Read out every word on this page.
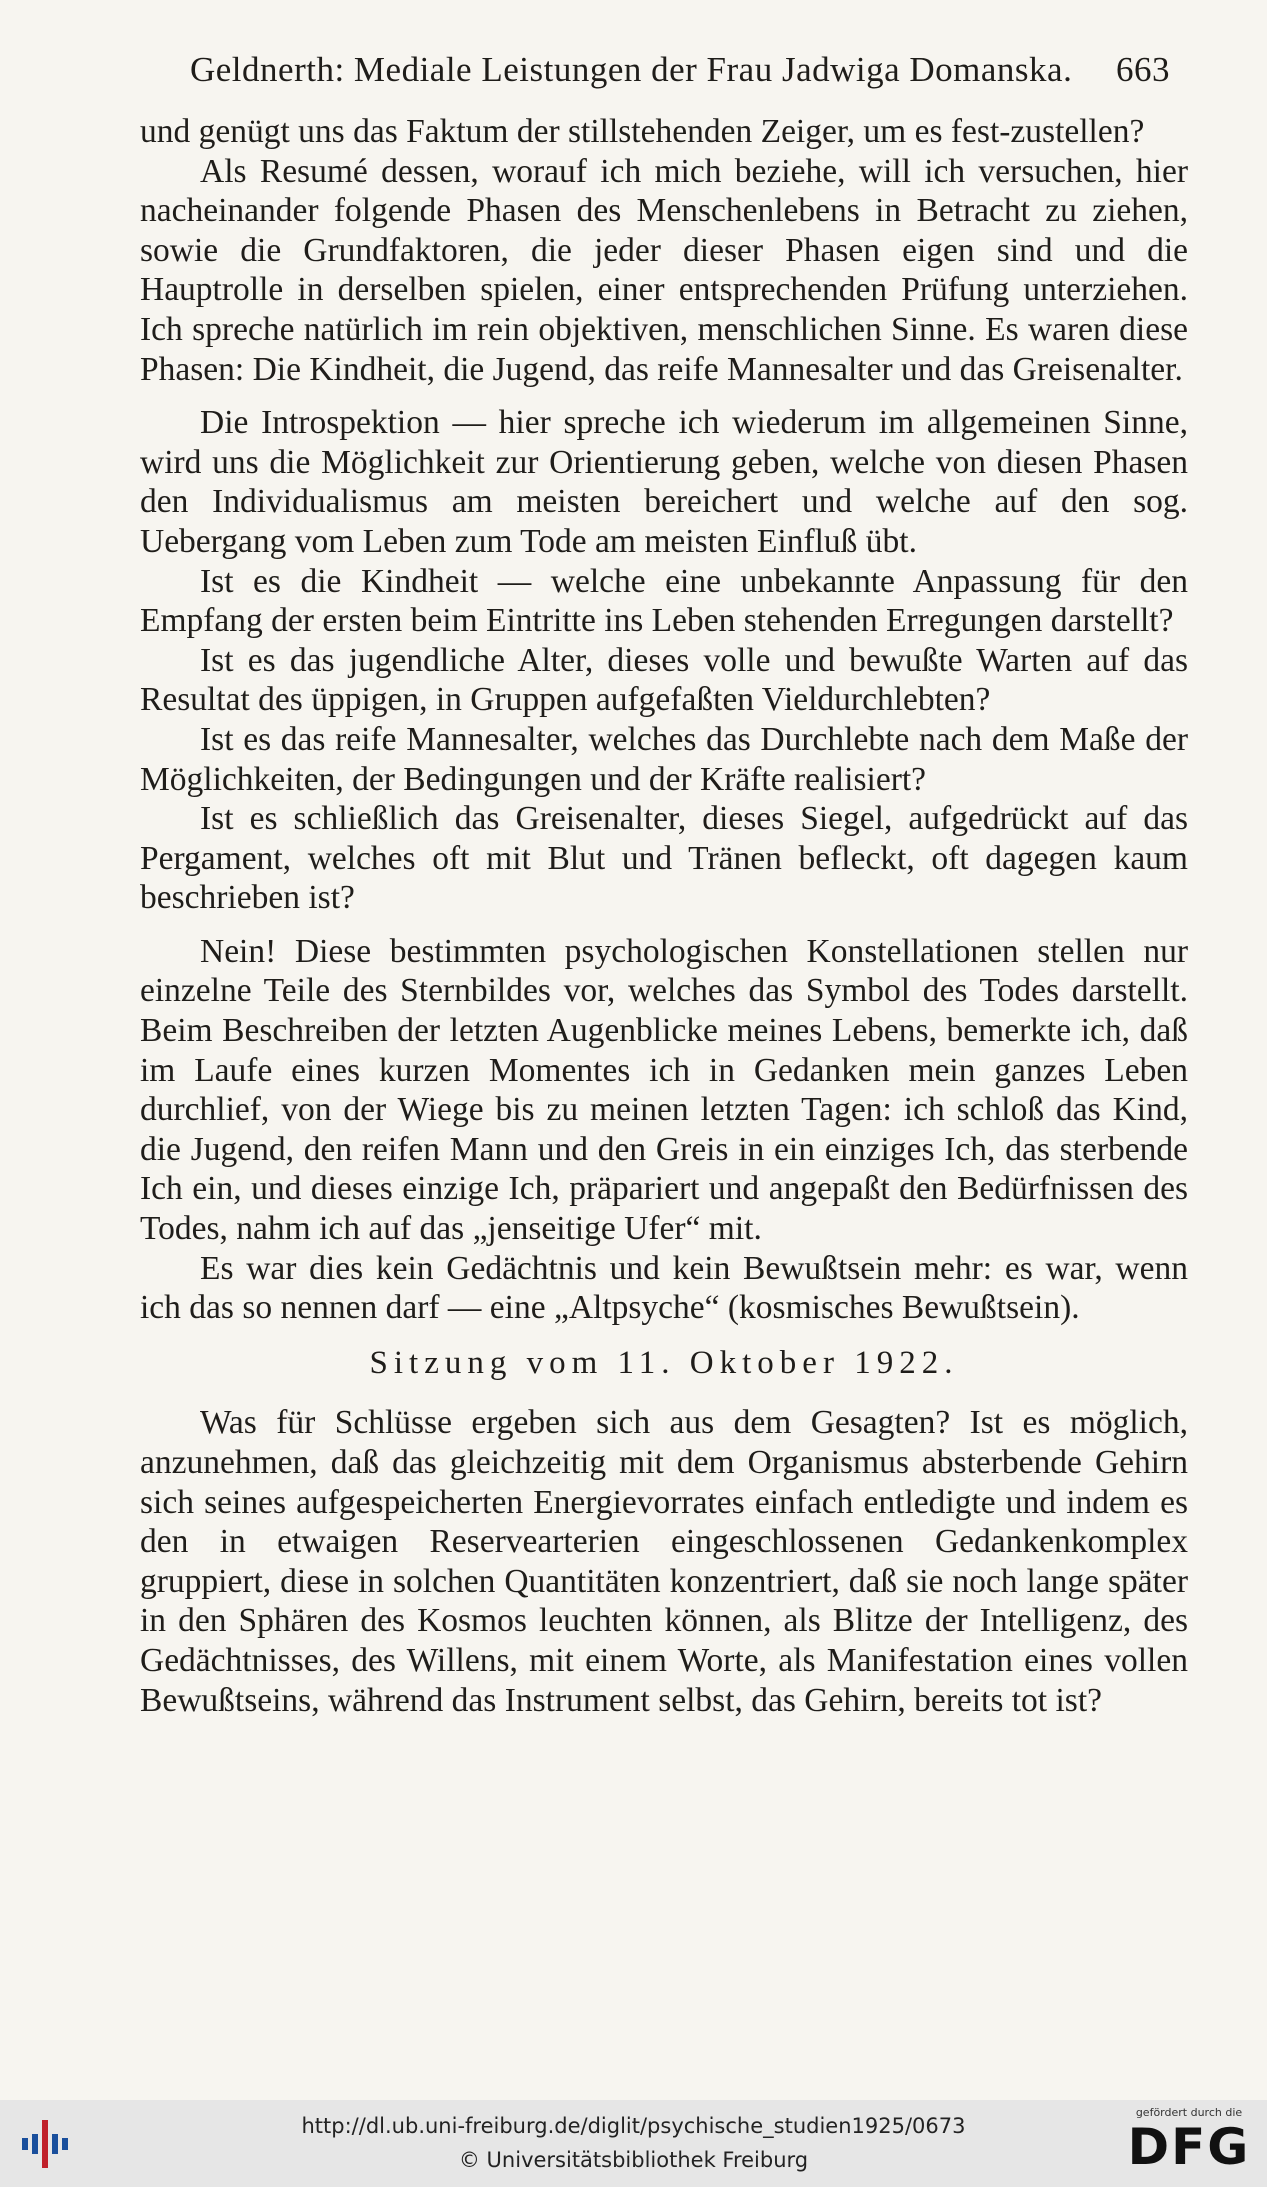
Geldnerth: Mediale Leistungen der Frau Jadwiga Domanska. 663

und genügt uns das Faktum der stillstehenden Zeiger, um es fest-zustellen?

Als Resumé dessen, worauf ich mich beziehe, will ich versuchen, hier nacheinander folgende Phasen des Menschenlebens in Betracht zu ziehen, sowie die Grundfaktoren, die jeder dieser Phasen eigen sind und die Hauptrolle in derselben spielen, einer entsprechenden Prüfung unterziehen. Ich spreche natürlich im rein objektiven, menschlichen Sinne. Es waren diese Phasen: Die Kindheit, die Jugend, das reife Mannesalter und das Greisenalter.

Die Introspektion — hier spreche ich wiederum im allgemeinen Sinne, wird uns die Möglichkeit zur Orientierung geben, welche von diesen Phasen den Individualismus am meisten bereichert und welche auf den sog. Uebergang vom Leben zum Tode am meisten Einfluß übt.

Ist es die Kindheit — welche eine unbekannte Anpassung für den Empfang der ersten beim Eintritte ins Leben stehenden Erregungen darstellt?

Ist es das jugendliche Alter, dieses volle und bewußte Warten auf das Resultat des üppigen, in Gruppen aufgefaßten Vieldurchlebten?

Ist es das reife Mannesalter, welches das Durchlebte nach dem Maße der Möglichkeiten, der Bedingungen und der Kräfte realisiert?

Ist es schließlich das Greisenalter, dieses Siegel, aufgedrückt auf das Pergament, welches oft mit Blut und Tränen befleckt, oft dagegen kaum beschrieben ist?

Nein! Diese bestimmten psychologischen Konstellationen stellen nur einzelne Teile des Sternbildes vor, welches das Symbol des Todes darstellt. Beim Beschreiben der letzten Augenblicke meines Lebens, bemerkte ich, daß im Laufe eines kurzen Momentes ich in Gedanken mein ganzes Leben durchlief, von der Wiege bis zu meinen letzten Tagen: ich schloß das Kind, die Jugend, den reifen Mann und den Greis in ein einziges Ich, das sterbende Ich ein, und dieses einzige Ich, präpariert und angepaßt den Bedürfnissen des Todes, nahm ich auf das „jenseitige Ufer“ mit.

Es war dies kein Gedächtnis und kein Bewußtsein mehr: es war, wenn ich das so nennen darf — eine „Altpsyche“ (kosmisches Bewußtsein).

Sitzung vom 11. Oktober 1922.

Was für Schlüsse ergeben sich aus dem Gesagten? Ist es möglich, anzunehmen, daß das gleichzeitig mit dem Organismus absterbende Gehirn sich seines aufgespeicherten Energievorrates einfach entledigte und indem es den in etwaigen Reservearterien eingeschlossenen Gedankenkomplex gruppiert, diese in solchen Quantitäten konzentriert, daß sie noch lange später in den Sphären des Kosmos leuchten können, als Blitze der Intelligenz, des Gedächtnisses, des Willens, mit einem Worte, als Manifestation eines vollen Bewußtseins, während das Instrument selbst, das Gehirn, bereits tot ist?

http://dl.ub.uni-freiburg.de/diglit/psychische_studien1925/0673
© Universitätsbibliothek Freiburg
gefördert durch die
DFG
